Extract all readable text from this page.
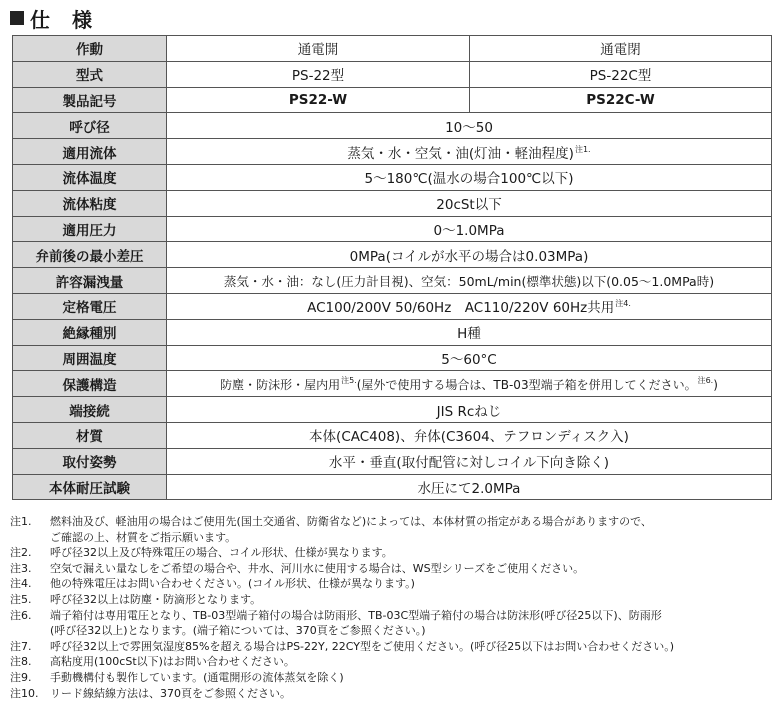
仕　様
作動	通電開	通電閉
型式	PS-22型	PS-22C型
製品記号	PS22-W	PS22C-W
呼び径	10～50	
適用流体	蒸気・水・空気・油(灯油・軽油程度)$^{注1.}$
流体温度	5～180℃(温水の場合100℃以下)	
流体粘度	20cSt以下	
適用圧力	0～1.0MPa	
弁前後の最小差圧	0MPa(コイルが水平の場合は0.03MPa)	
許容漏洩量	蒸気・水・油：なし(圧力計目視)、空気：50mL/min(標準状態)以下(0.05～1.0MPa時)	
定格電圧	AC100/200V 50/60Hz　AC110/220V 60Hz共用$^{注4.}$
絶縁種別	H種	
周囲温度	5～60°C	
保護構造	防塵・防沫形・屋内用$^{注5.}$(屋外で使用する場合は、TB-03型端子箱を併用してください。$^{注6.}$)	
端接続	JIS Rcねじ	
材質	本体(CAC408)、弁体(C3604、テフロンディスク入)	
取付姿勢	水平・垂直(取付配管に対しコイル下向き除く)	
本体耐圧試験	水圧にて2.0MPa	
注1.	燃料油及び、軽油用の場合はご使用先(国土交通省、防衛省など)によっては、本体材質の指定がある場合がありますので、
ご確認の上、材質をご指示願います。
注2.	呼び径32以上及び特殊電圧の場合、コイル形状、仕様が異なります。
注3.	空気で漏えい量なしをご希望の場合や、井水、河川水に使用する場合は、WS型シリーズをご使用ください。
注4.	他の特殊電圧はお問い合わせください。(コイル形状、仕様が異なります。)
注5.	呼び径32以上は防塵・防滴形となります。
注6.	端子箱付は専用電圧となり、TB-03型端子箱付の場合は防雨形、TB-03C型端子箱付の場合は防沫形(呼び径25以下)、防雨形
(呼び径32以上)となります。(端子箱については、370頁をご参照ください。)
注7.	呼び径32以上で雰囲気湿度85%を超える場合はPS-22Y, 22CY型をご使用ください。(呼び径25以下はお問い合わせください。)
注8.	高粘度用(100cSt以下)はお問い合わせください。
注9.	手動機構付も製作しています。(通電開形の流体蒸気を除く)
注10.	リード線結線方法は、370頁をご参照ください。
